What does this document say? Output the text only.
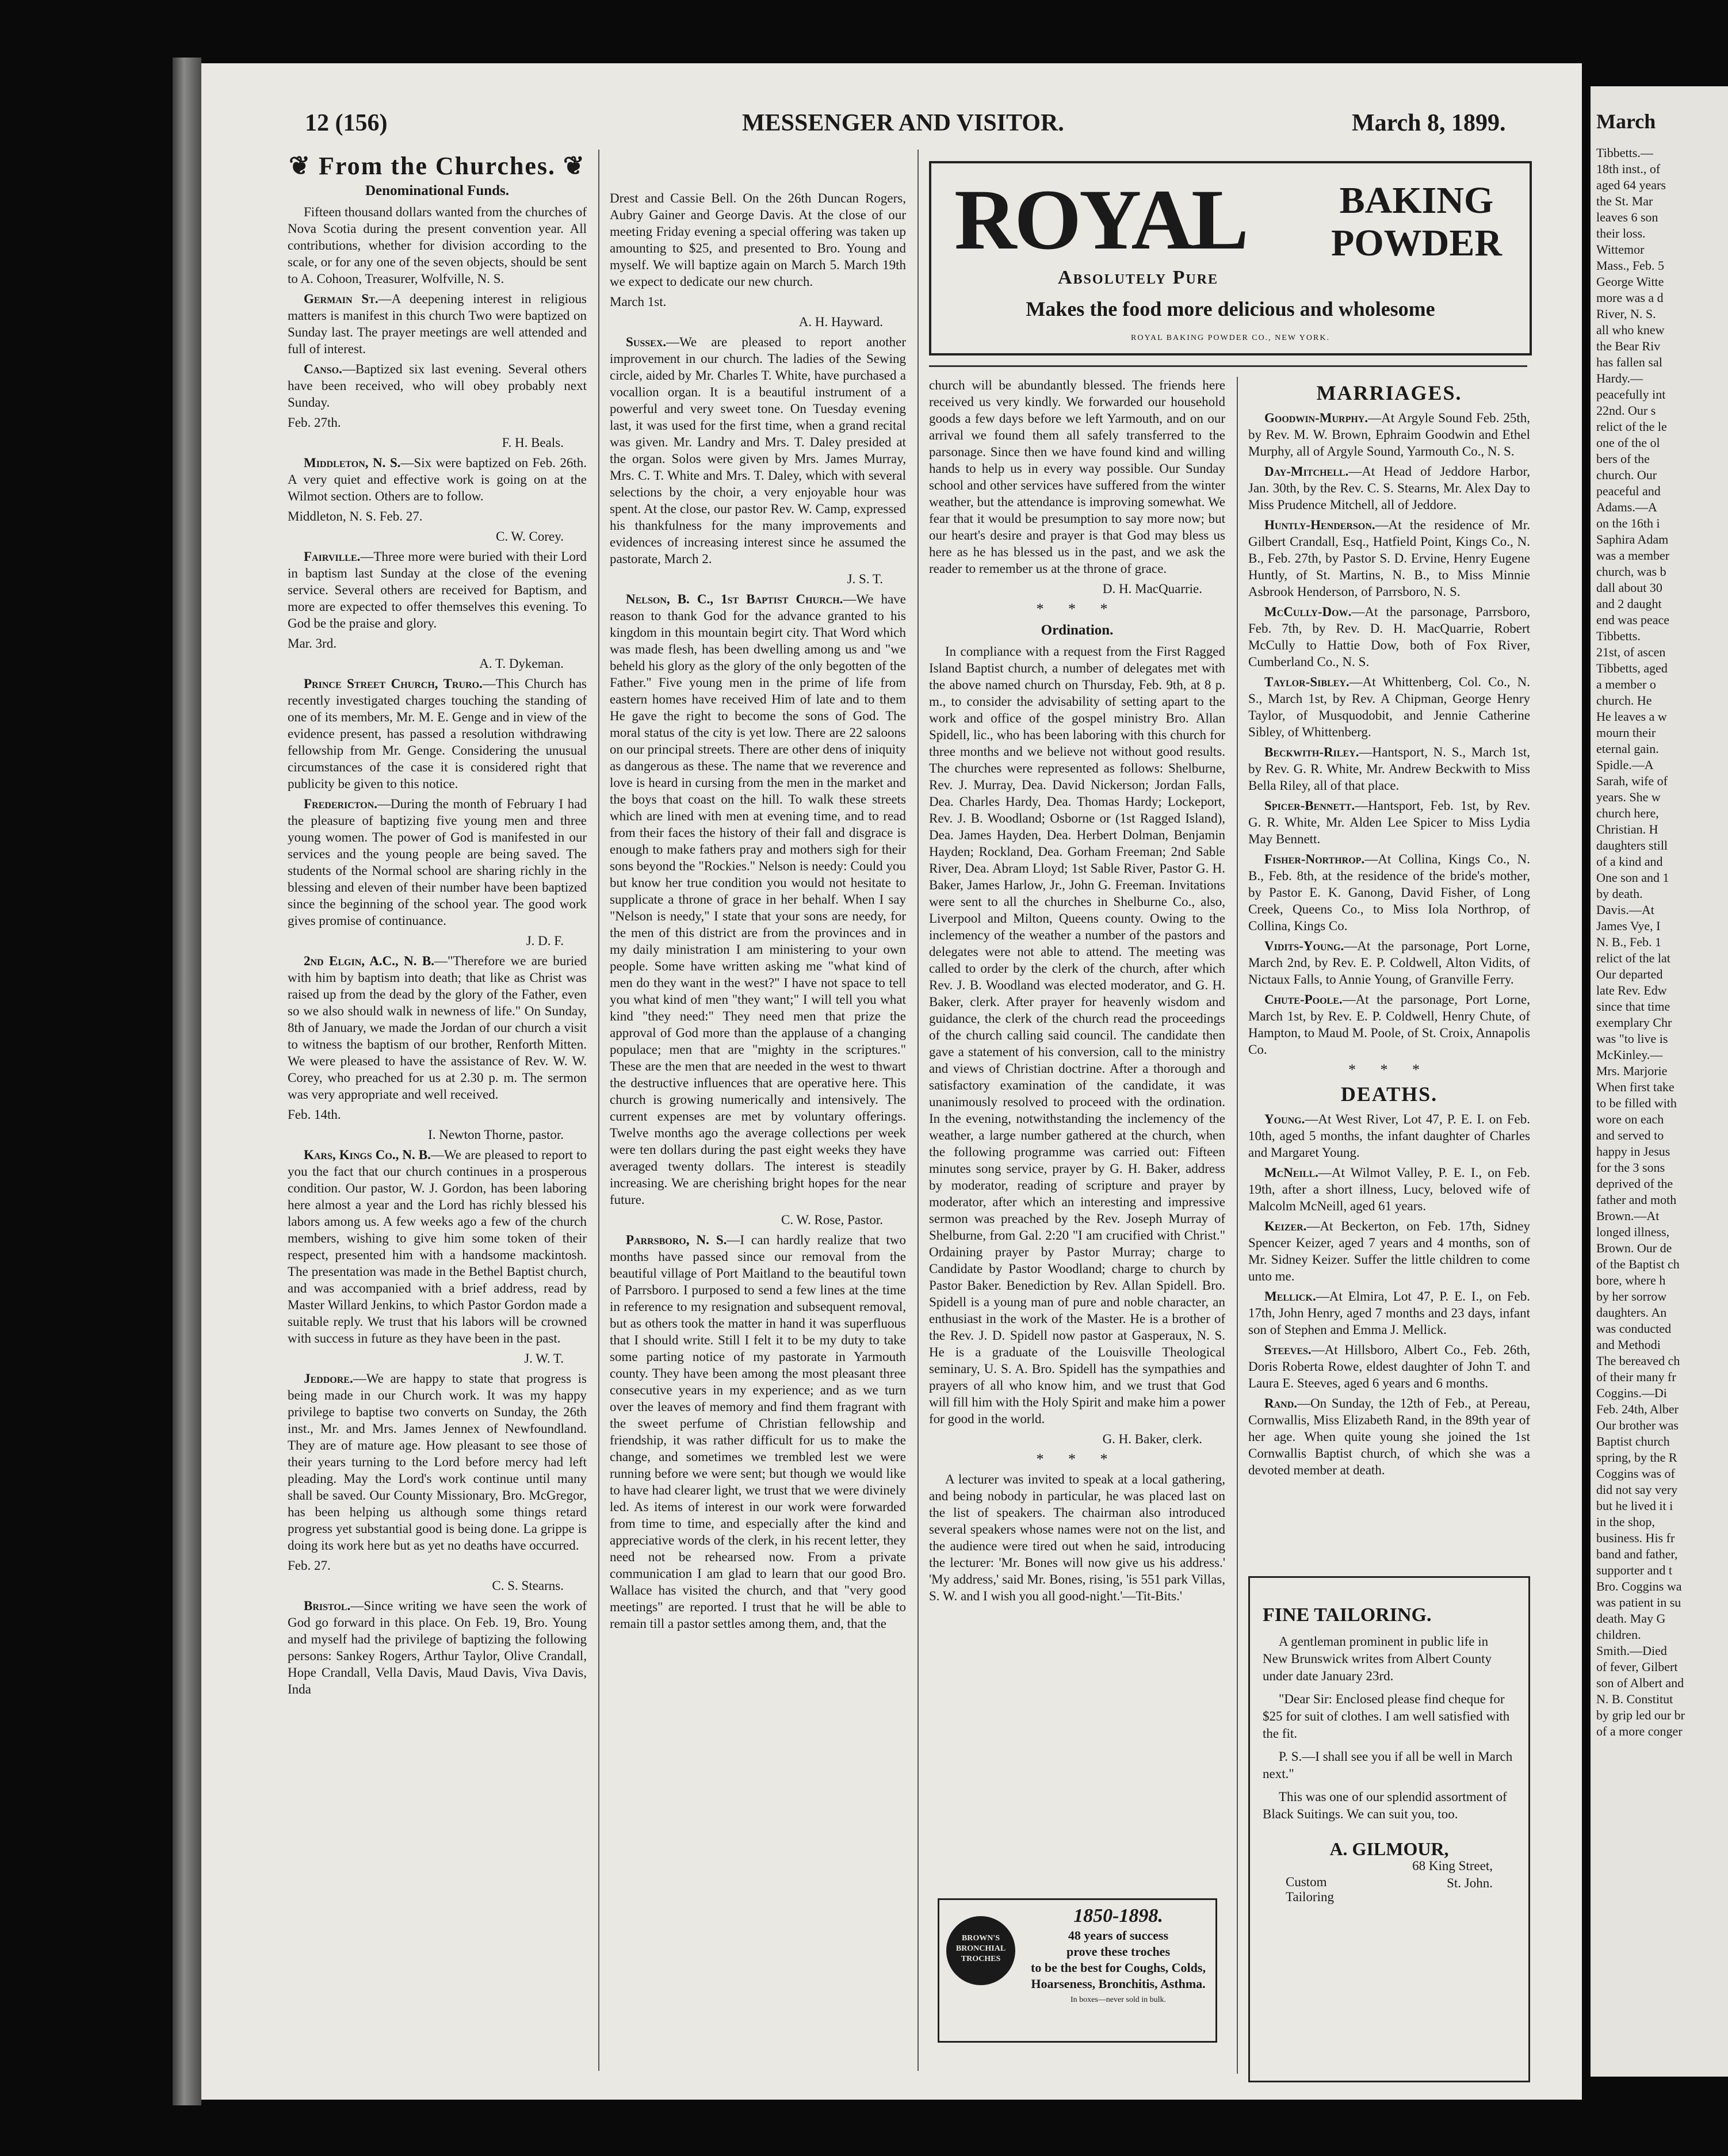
12 (156)	MESSENGER AND VISITOR.	March 8, 1899.
❦ From the Churches. ❦
Denominational Funds.

Fifteen thousand dollars wanted from the churches of Nova Scotia during the present convention year. All contributions, whether for division according to the scale, or for any one of the seven objects, should be sent to A. Cohoon, Treasurer, Wolfville, N. S.

Germain St.—A deepening interest in religious matters is manifest in this church Two were baptized on Sunday last. The prayer meetings are well attended and full of interest.

Canso.—Baptized six last evening. Several others have been received, who will obey probably next Sunday.

Feb. 27th.

F. H. Beals.

Middleton, N. S.—Six were baptized on Feb. 26th. A very quiet and effective work is going on at the Wilmot section. Others are to follow.

Middleton, N. S. Feb. 27.

C. W. Corey.

Fairville.—Three more were buried with their Lord in baptism last Sunday at the close of the evening service. Several others are received for Baptism, and more are expected to offer themselves this evening. To God be the praise and glory.

Mar. 3rd.

A. T. Dykeman.

Prince Street Church, Truro.—This Church has recently investigated charges touching the standing of one of its members, Mr. M. E. Genge and in view of the evidence present, has passed a resolution withdrawing fellowship from Mr. Genge. Considering the unusual circumstances of the case it is considered right that publicity be given to this notice.

Fredericton.—During the month of February I had the pleasure of baptizing five young men and three young women. The power of God is manifested in our services and the young people are being saved. The students of the Normal school are sharing richly in the blessing and eleven of their number have been baptized since the beginning of the school year. The good work gives promise of continuance.

J. D. F.

2nd Elgin, A.C., N. B.—"Therefore we are buried with him by baptism into death; that like as Christ was raised up from the dead by the glory of the Father, even so we also should walk in newness of life." On Sunday, 8th of January, we made the Jordan of our church a visit to witness the baptism of our brother, Renforth Mitten. We were pleased to have the assistance of Rev. W. W. Corey, who preached for us at 2.30 p. m. The sermon was very appropriate and well received.

Feb. 14th.

I. Newton Thorne, pastor.

Kars, Kings Co., N. B.—We are pleased to report to you the fact that our church continues in a prosperous condition. Our pastor, W. J. Gordon, has been laboring here almost a year and the Lord has richly blessed his labors among us. A few weeks ago a few of the church members, wishing to give him some token of their respect, presented him with a handsome mackintosh. The presentation was made in the Bethel Baptist church, and was accompanied with a brief address, read by Master Willard Jenkins, to which Pastor Gordon made a suitable reply. We trust that his labors will be crowned with success in future as they have been in the past.

J. W. T.

Jeddore.—We are happy to state that progress is being made in our Church work. It was my happy privilege to baptise two converts on Sunday, the 26th inst., Mr. and Mrs. James Jennex of Newfoundland. They are of mature age. How pleasant to see those of their years turning to the Lord before mercy had left pleading. May the Lord's work continue until many shall be saved. Our County Missionary, Bro. McGregor, has been helping us although some things retard progress yet substantial good is being done. La grippe is doing its work here but as yet no deaths have occurred.

Feb. 27.

C. S. Stearns.

Bristol.—Since writing we have seen the work of God go forward in this place. On Feb. 19, Bro. Young and myself had the privilege of baptizing the following persons: Sankey Rogers, Arthur Taylor, Olive Crandall, Hope Crandall, Vella Davis, Maud Davis, Viva Davis, Inda

Drest and Cassie Bell. On the 26th Duncan Rogers, Aubry Gainer and George Davis. At the close of our meeting Friday evening a special offering was taken up amounting to $25, and presented to Bro. Young and myself. We will baptize again on March 5. March 19th we expect to dedicate our new church.

March 1st.

A. H. Hayward.

Sussex.—We are pleased to report another improvement in our church. The ladies of the Sewing circle, aided by Mr. Charles T. White, have purchased a vocallion organ. It is a beautiful instrument of a powerful and very sweet tone. On Tuesday evening last, it was used for the first time, when a grand recital was given. Mr. Landry and Mrs. T. Daley presided at the organ. Solos were given by Mrs. James Murray, Mrs. C. T. White and Mrs. T. Daley, which with several selections by the choir, a very enjoyable hour was spent. At the close, our pastor Rev. W. Camp, expressed his thankfulness for the many improvements and evidences of increasing interest since he assumed the pastorate, March 2.

J. S. T.

Nelson, B. C., 1st Baptist Church.—We have reason to thank God for the advance granted to his kingdom in this mountain begirt city. That Word which was made flesh, has been dwelling among us and "we beheld his glory as the glory of the only begotten of the Father." Five young men in the prime of life from eastern homes have received Him of late and to them He gave the right to become the sons of God. The moral status of the city is yet low. There are 22 saloons on our principal streets. There are other dens of iniquity as dangerous as these. The name that we reverence and love is heard in cursing from the men in the market and the boys that coast on the hill. To walk these streets which are lined with men at evening time, and to read from their faces the history of their fall and disgrace is enough to make fathers pray and mothers sigh for their sons beyond the "Rockies." Nelson is needy: Could you but know her true condition you would not hesitate to supplicate a throne of grace in her behalf. When I say "Nelson is needy," I state that your sons are needy, for the men of this district are from the provinces and in my daily ministration I am ministering to your own people. Some have written asking me "what kind of men do they want in the west?" I have not space to tell you what kind of men "they want;" I will tell you what kind "they need:" They need men that prize the approval of God more than the applause of a changing populace; men that are "mighty in the scriptures." These are the men that are needed in the west to thwart the destructive influences that are operative here. This church is growing numerically and intensively. The current expenses are met by voluntary offerings. Twelve months ago the average collections per week were ten dollars during the past eight weeks they have averaged twenty dollars. The interest is steadily increasing. We are cherishing bright hopes for the near future.

C. W. Rose, Pastor.

Parrsboro, N. S.—I can hardly realize that two months have passed since our removal from the beautiful village of Port Maitland to the beautiful town of Parrsboro. I purposed to send a few lines at the time in reference to my resignation and subsequent removal, but as others took the matter in hand it was superfluous that I should write. Still I felt it to be my duty to take some parting notice of my pastorate in Yarmouth county. They have been among the most pleasant three consecutive years in my experience; and as we turn over the leaves of memory and find them fragrant with the sweet perfume of Christian fellowship and friendship, it was rather difficult for us to make the change, and sometimes we trembled lest we were running before we were sent; but though we would like to have had clearer light, we trust that we were divinely led. As items of interest in our work were forwarded from time to time, and especially after the kind and appreciative words of the clerk, in his recent letter, they need not be rehearsed now. From a private communication I am glad to learn that our good Bro. Wallace has visited the church, and that "very good meetings" are reported. I trust that he will be able to remain till a pastor settles among them, and, that the

ROYAL BAKING
POWDER
Absolutely Pure
Makes the food more delicious and wholesome
ROYAL BAKING POWDER CO., NEW YORK.

church will be abundantly blessed. The friends here received us very kindly. We forwarded our household goods a few days before we left Yarmouth, and on our arrival we found them all safely transferred to the parsonage. Since then we have found kind and willing hands to help us in every way possible. Our Sunday school and other services have suffered from the winter weather, but the attendance is improving somewhat. We fear that it would be presumption to say more now; but our heart's desire and prayer is that God may bless us here as he has blessed us in the past, and we ask the reader to remember us at the throne of grace.

D. H. MacQuarrie.

* * *
Ordination.

In compliance with a request from the First Ragged Island Baptist church, a number of delegates met with the above named church on Thursday, Feb. 9th, at 8 p. m., to consider the advisability of setting apart to the work and office of the gospel ministry Bro. Allan Spidell, lic., who has been laboring with this church for three months and we believe not without good results. The churches were represented as follows: Shelburne, Rev. J. Murray, Dea. David Nickerson; Jordan Falls, Dea. Charles Hardy, Dea. Thomas Hardy; Lockeport, Rev. J. B. Woodland; Osborne or (1st Ragged Island), Dea. James Hayden, Dea. Herbert Dolman, Benjamin Hayden; Rockland, Dea. Gorham Freeman; 2nd Sable River, Dea. Abram Lloyd; 1st Sable River, Pastor G. H. Baker, James Harlow, Jr., John G. Freeman. Invitations were sent to all the churches in Shelburne Co., also, Liverpool and Milton, Queens county. Owing to the inclemency of the weather a number of the pastors and delegates were not able to attend. The meeting was called to order by the clerk of the church, after which Rev. J. B. Woodland was elected moderator, and G. H. Baker, clerk. After prayer for heavenly wisdom and guidance, the clerk of the church read the proceedings of the church calling said council. The candidate then gave a statement of his conversion, call to the ministry and views of Christian doctrine. After a thorough and satisfactory examination of the candidate, it was unanimously resolved to proceed with the ordination. In the evening, notwithstanding the inclemency of the weather, a large number gathered at the church, when the following programme was carried out: Fifteen minutes song service, prayer by G. H. Baker, address by moderator, reading of scripture and prayer by moderator, after which an interesting and impressive sermon was preached by the Rev. Joseph Murray of Shelburne, from Gal. 2:20 "I am crucified with Christ." Ordaining prayer by Pastor Murray; charge to Candidate by Pastor Woodland; charge to church by Pastor Baker. Benediction by Rev. Allan Spidell. Bro. Spidell is a young man of pure and noble character, an enthusiast in the work of the Master. He is a brother of the Rev. J. D. Spidell now pastor at Gasperaux, N. S. He is a graduate of the Louisville Theological seminary, U. S. A. Bro. Spidell has the sympathies and prayers of all who know him, and we trust that God will fill him with the Holy Spirit and make him a power for good in the world.

G. H. Baker, clerk.

* * *

A lecturer was invited to speak at a local gathering, and being nobody in particular, he was placed last on the list of speakers. The chairman also introduced several speakers whose names were not on the list, and the audience were tired out when he said, introducing the lecturer: 'Mr. Bones will now give us his address.' 'My address,' said Mr. Bones, rising, 'is 551 park Villas, S. W. and I wish you all good-night.'—Tit-Bits.'

BROWN'S
BRONCHIAL
TROCHES
1850-1898.
48 years of success
prove these troches
to be the best for Coughs, Colds,
Hoarseness, Bronchitis, Asthma.
In boxes—never sold in bulk.
MARRIAGES.

Goodwin-Murphy.—At Argyle Sound Feb. 25th, by Rev. M. W. Brown, Ephraim Goodwin and Ethel Murphy, all of Argyle Sound, Yarmouth Co., N. S.

Day-Mitchell.—At Head of Jeddore Harbor, Jan. 30th, by the Rev. C. S. Stearns, Mr. Alex Day to Miss Prudence Mitchell, all of Jeddore.

Huntly-Henderson.—At the residence of Mr. Gilbert Crandall, Esq., Hatfield Point, Kings Co., N. B., Feb. 27th, by Pastor S. D. Ervine, Henry Eugene Huntly, of St. Martins, N. B., to Miss Minnie Asbrook Henderson, of Parrsboro, N. S.

McCully-Dow.—At the parsonage, Parrsboro, Feb. 7th, by Rev. D. H. MacQuarrie, Robert McCully to Hattie Dow, both of Fox River, Cumberland Co., N. S.

Taylor-Sibley.—At Whittenberg, Col. Co., N. S., March 1st, by Rev. A Chipman, George Henry Taylor, of Musquodobit, and Jennie Catherine Sibley, of Whittenberg.

Beckwith-Riley.—Hantsport, N. S., March 1st, by Rev. G. R. White, Mr. Andrew Beckwith to Miss Bella Riley, all of that place.

Spicer-Bennett.—Hantsport, Feb. 1st, by Rev. G. R. White, Mr. Alden Lee Spicer to Miss Lydia May Bennett.

Fisher-Northrop.—At Collina, Kings Co., N. B., Feb. 8th, at the residence of the bride's mother, by Pastor E. K. Ganong, David Fisher, of Long Creek, Queens Co., to Miss Iola Northrop, of Collina, Kings Co.

Vidits-Young.—At the parsonage, Port Lorne, March 2nd, by Rev. E. P. Coldwell, Alton Vidits, of Nictaux Falls, to Annie Young, of Granville Ferry.

Chute-Poole.—At the parsonage, Port Lorne, March 1st, by Rev. E. P. Coldwell, Henry Chute, of Hampton, to Maud M. Poole, of St. Croix, Annapolis Co.

* * *
DEATHS.

Young.—At West River, Lot 47, P. E. I. on Feb. 10th, aged 5 months, the infant daughter of Charles and Margaret Young.

McNeill.—At Wilmot Valley, P. E. I., on Feb. 19th, after a short illness, Lucy, beloved wife of Malcolm McNeill, aged 61 years.

Keizer.—At Beckerton, on Feb. 17th, Sidney Spencer Keizer, aged 7 years and 4 months, son of Mr. Sidney Keizer. Suffer the little children to come unto me.

Mellick.—At Elmira, Lot 47, P. E. I., on Feb. 17th, John Henry, aged 7 months and 23 days, infant son of Stephen and Emma J. Mellick.

Steeves.—At Hillsboro, Albert Co., Feb. 26th, Doris Roberta Rowe, eldest daughter of John T. and Laura E. Steeves, aged 6 years and 6 months.

Rand.—On Sunday, the 12th of Feb., at Pereau, Cornwallis, Miss Elizabeth Rand, in the 89th year of her age. When quite young she joined the 1st Cornwallis Baptist church, of which she was a devoted member at death.

FINE TAILORING.

A gentleman prominent in public life in New Brunswick writes from Albert County under date January 23rd.

"Dear Sir: Enclosed please find cheque for $25 for suit of clothes. I am well satisfied with the fit.

P. S.—I shall see you if all be well in March next."

This was one of our splendid assortment of Black Suitings. We can suit you, too.

A. GILMOUR,
68 King Street,
Custom
Tailoring
St. John.
March
Tibbetts.—
18th inst., of
aged 64 years
the St. Mar
leaves 6 son
their loss.
Wittemor
Mass., Feb. 5
George Witte
more was a d
River, N. S.
all who knew
the Bear Riv
has fallen sal
Hardy.—
peacefully int
22nd. Our s
relict of the le
one of the ol
bers of the
church. Our
peaceful and
Adams.—A
on the 16th i
Saphira Adam
was a member
church, was b
dall about 30
and 2 daught
end was peace
Tibbetts.
21st, of ascen
Tibbetts, aged
a member o
church. He
He leaves a w
mourn their
eternal gain.
Spidle.—A
Sarah, wife of
years. She w
church here,
Christian. H
daughters still
of a kind and
One son and 1
by death.
Davis.—At
James Vye, I
N. B., Feb. 1
relict of the lat
Our departed
late Rev. Edw
since that time
exemplary Chr
was "to live is
McKinley.—
Mrs. Marjorie
When first take
to be filled with
wore on each
and served to
happy in Jesus
for the 3 sons
deprived of the
father and moth
Brown.—At
longed illness,
Brown. Our de
of the Baptist ch
bore, where h
by her sorrow
daughters. An
was conducted
and Methodi
The bereaved ch
of their many fr
Coggins.—Di
Feb. 24th, Alber
Our brother was
Baptist church
spring, by the R
Coggins was of
did not say very
but he lived it i
in the shop,
business. His fr
band and father,
supporter and t
Bro. Coggins wa
was patient in su
death. May G
children.
Smith.—Died
of fever, Gilbert
son of Albert and
N. B. Constitut
by grip led our br
of a more conger
